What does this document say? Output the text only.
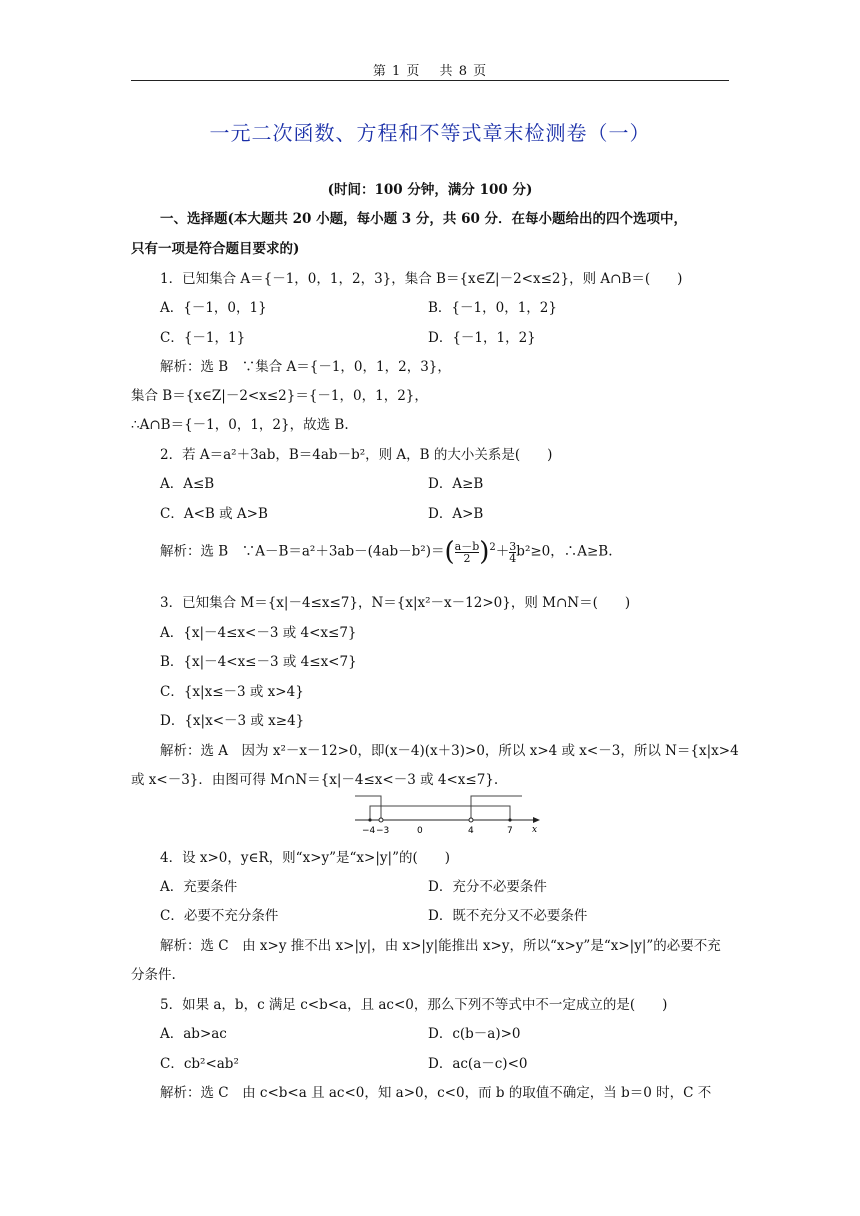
第 1 页　 共 8 页
一元二次函数、方程和不等式章末检测卷（一）
(时间：100 分钟，满分 100 分)
一、选择题(本大题共 20 小题，每小题 3 分，共 60 分．在每小题给出的四个选项中，
只有一项是符合题目要求的)
1．已知集合 A＝{－1，0，1，2，3}，集合 B＝{x∈Z|－2<x≤2}，则 A∩B＝(　　)
A．{－1，0，1}	B．{－1，0，1，2}
C．{－1，1}	D．{－1，1，2}
解析：选 B　∵集合 A＝{－1，0，1，2，3}，
集合 B＝{x∈Z|－2<x≤2}＝{－1，0，1，2}，
∴A∩B＝{－1，0，1，2}，故选 B.
2．若 A＝a²＋3ab，B＝4ab－b²，则 A，B 的大小关系是(　　)
A．A≤B	D．A≥B
C．A<B 或 A>B	D．A>B
解析：选 B　∵A－B＝a²＋3ab－(4ab－b²)＝( $\frac{a-b}{2} )^2+ \frac{3}{4} b^2\ge 0$，∴A≥B.
3．已知集合 M＝{x|－4≤x≤7}，N＝{x|x²－x－12>0}，则 M∩N＝(　　)
A．{x|－4≤x<－3 或 4<x≤7}
B．{x|－4<x≤－3 或 4≤x<7}
C．{x|x≤－3 或 x>4}
D．{x|x<－3 或 x≥4}
解析：选 A　因为 x²－x－12>0，即(x－4)(x＋3)>0，所以 x>4 或 x<－3，所以 N＝{x|x>4
或 x<－3}．由图可得 M∩N＝{x|－4≤x<－3 或 4<x≤7}.
−4 −3	0	4	7 x
4．设 x>0，y∈R，则“x>y”是“x>|y|”的(　　)
A．充要条件	D．充分不必要条件
C．必要不充分条件	D．既不充分又不必要条件
解析：选 C　由 x>y 推不出 x>|y|，由 x>|y|能推出 x>y，所以“x>y”是“x>|y|”的必要不充
分条件.
5．如果 a，b，c 满足 c<b<a，且 ac<0，那么下列不等式中不一定成立的是(　　)
A．ab>ac	D．c(b－a)>0
C．cb²<ab²	D．ac(a－c)<0
解析：选 C　由 c<b<a 且 ac<0，知 a>0，c<0，而 b 的取值不确定，当 b＝0 时，C 不
